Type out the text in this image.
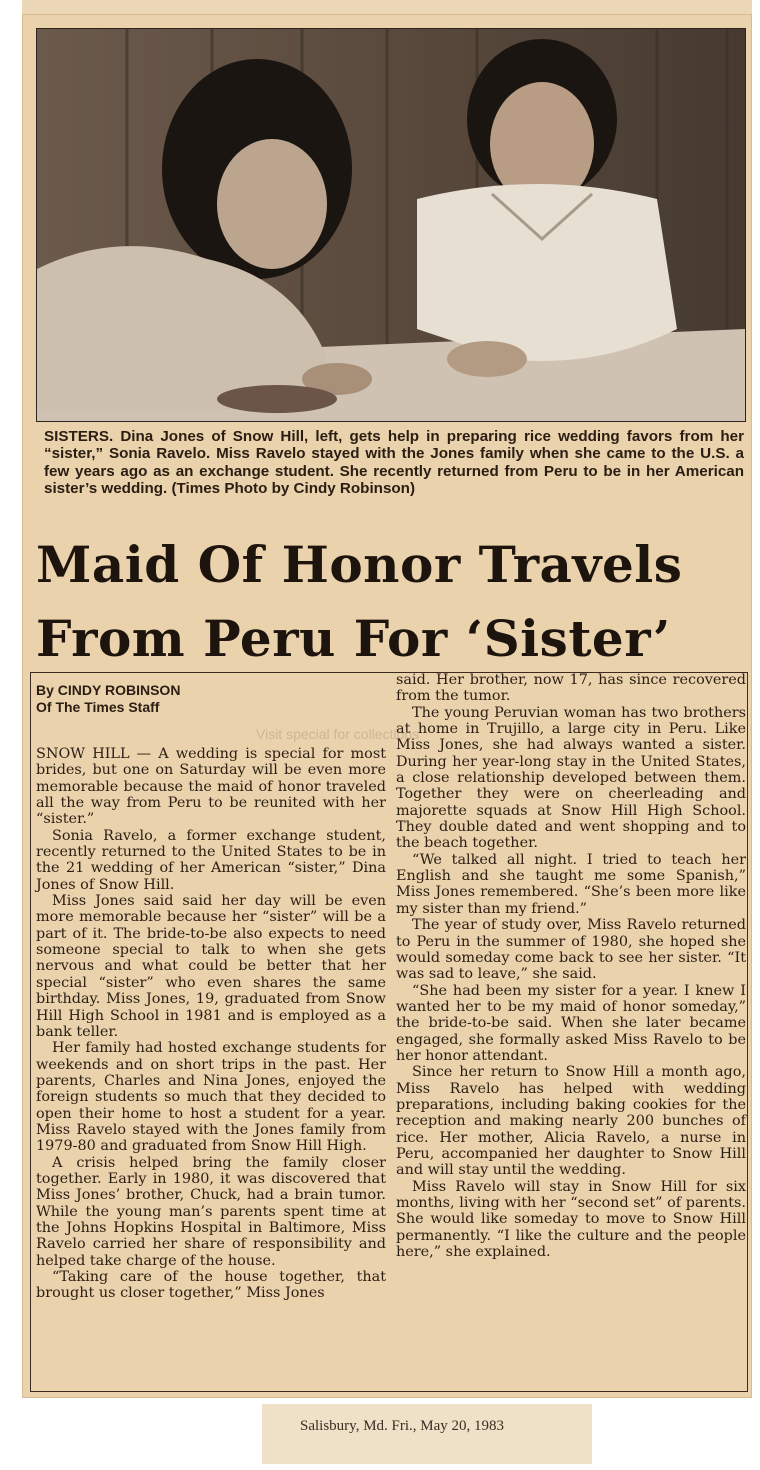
SISTERS. Dina Jones of Snow Hill, left, gets help in preparing rice wedding favors from her “sister,” Sonia Ravelo. Miss Ravelo stayed with the Jones family when she came to the U.S. a few years ago as an exchange student. She recently returned from Peru to be in her American sister’s wedding. (Times Photo by Cindy Robinson)

Maid Of Honor Travels
From Peru For ‘Sister’
By CINDY ROBINSON
Of The Times Staff

SNOW HILL — A wedding is special for most brides, but one on Saturday will be even more memorable because the maid of honor traveled all the way from Peru to be reunited with her “sister.”

Sonia Ravelo, a former exchange student, recently returned to the United States to be in the 21 wedding of her American “sister,” Dina Jones of Snow Hill.

Miss Jones said said her day will be even more memorable because her “sister” will be a part of it. The bride-to-be also expects to need someone special to talk to when she gets nervous and what could be better that her special “sister” who even shares the same birthday. Miss Jones, 19, graduated from Snow Hill High School in 1981 and is employed as a bank teller.

Her family had hosted exchange students for weekends and on short trips in the past. Her parents, Charles and Nina Jones, enjoyed the foreign students so much that they decided to open their home to host a student for a year. Miss Ravelo stayed with the Jones family from 1979-80 and graduated from Snow Hill High.

A crisis helped bring the family closer together. Early in 1980, it was discovered that Miss Jones’ brother, Chuck, had a brain tumor. While the young man’s parents spent time at the Johns Hopkins Hospital in Baltimore, Miss Ravelo carried her share of responsibility and helped take charge of the house.

“Taking care of the house together, that brought us closer together,” Miss Jones

said. Her brother, now 17, has since recovered from the tumor.

The young Peruvian woman has two brothers at home in Trujillo, a large city in Peru. Like Miss Jones, she had always wanted a sister. During her year-long stay in the United States, a close relationship developed between them. Together they were on cheerleading and majorette squads at Snow Hill High School. They double dated and went shopping and to the beach together.

“We talked all night. I tried to teach her English and she taught me some Spanish,” Miss Jones remembered. “She’s been more like my sister than my friend.”

The year of study over, Miss Ravelo returned to Peru in the summer of 1980, she hoped she would someday come back to see her sister. “It was sad to leave,” she said.

“She had been my sister for a year. I knew I wanted her to be my maid of honor someday,” the bride-to-be said. When she later became engaged, she formally asked Miss Ravelo to be her honor attendant.

Since her return to Snow Hill a month ago, Miss Ravelo has helped with wedding preparations, including baking cookies for the reception and making nearly 200 bunches of rice. Her mother, Alicia Ravelo, a nurse in Peru, accompanied her daughter to Snow Hill and will stay until the wedding.

Miss Ravelo will stay in Snow Hill for six months, living with her “second set” of parents. She would like someday to move to Snow Hill permanently. “I like the culture and the people here,” she explained.

Visit special for collections
Salisbury, Md. Fri., May 20, 1983
